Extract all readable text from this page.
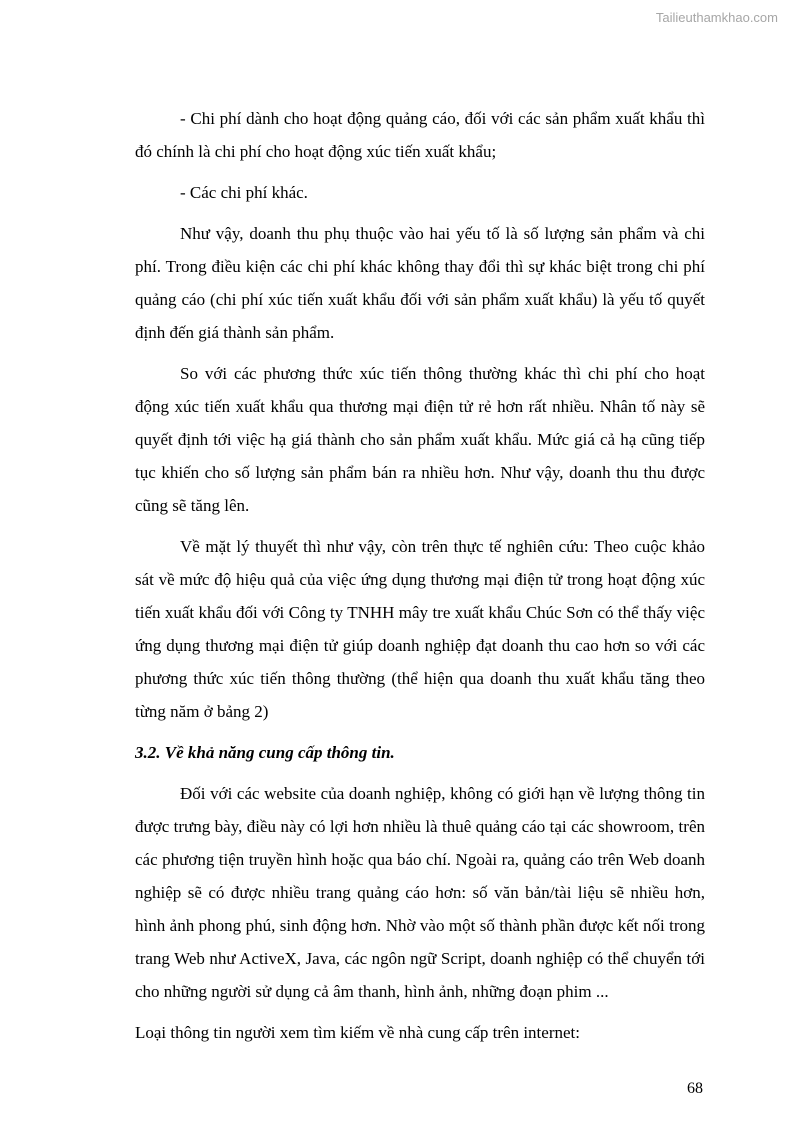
Tailieuthamkhao.com

- Chi phí dành cho hoạt động quảng cáo, đối với các sản phẩm xuất khẩu thì đó chính là chi phí cho hoạt động xúc tiến xuất khẩu;

- Các chi phí khác.

Như vậy, doanh thu phụ thuộc vào hai yếu tố là số lượng sản phẩm và chi phí. Trong điều kiện các chi phí khác không thay đổi thì sự khác biệt trong chi phí quảng cáo (chi phí xúc tiến xuất khẩu đối với sản phẩm xuất khẩu) là yếu tố quyết định đến giá thành sản phẩm.

So với các phương thức xúc tiến thông thường khác thì chi phí cho hoạt động xúc tiến xuất khẩu qua thương mại điện tử rẻ hơn rất nhiều. Nhân tố này sẽ quyết định tới việc hạ giá thành cho sản phẩm xuất khẩu. Mức giá cả hạ cũng tiếp tục khiến cho số lượng sản phẩm bán ra nhiều hơn. Như vậy, doanh thu thu được cũng sẽ tăng lên.

Về mặt lý thuyết thì như vậy, còn trên thực tế nghiên cứu: Theo cuộc khảo sát về mức độ hiệu quả của việc ứng dụng thương mại điện tử trong hoạt động xúc tiến xuất khẩu đối với Công ty TNHH mây tre xuất khẩu Chúc Sơn có thể thấy việc ứng dụng thương mại điện tử giúp doanh nghiệp đạt doanh thu cao hơn so với các phương thức xúc tiến thông thường (thể hiện qua doanh thu xuất khẩu tăng theo từng năm ở bảng 2)

3.2. Về khả năng cung cấp thông tin.

Đối với các website của doanh nghiệp, không có giới hạn về lượng thông tin được trưng bày, điều này có lợi hơn nhiều là thuê quảng cáo tại các showroom, trên các phương tiện truyền hình hoặc qua báo chí. Ngoài ra, quảng cáo trên Web doanh nghiệp sẽ có được nhiều trang quảng cáo hơn: số văn bản/tài liệu sẽ nhiều hơn, hình ảnh phong phú, sinh động hơn. Nhờ vào một số thành phần được kết nối trong trang Web như ActiveX, Java, các ngôn ngữ Script, doanh nghiệp có thể chuyển tới cho những người sử dụng cả âm thanh, hình ảnh, những đoạn phim ...

Loại thông tin người xem tìm kiếm về nhà cung cấp trên internet:

68
